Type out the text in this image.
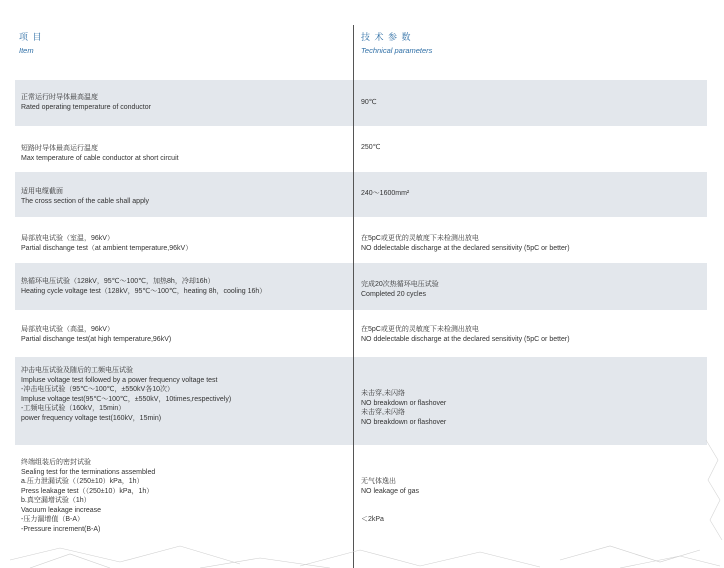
项 目
Item
技 术 参 数
Technical parameters
正常运行时导体最高温度
Rated operating temperature of conductor
90℃
短路时导体最高运行温度
Max temperature of cable conductor at short circuit
250℃
适用电缆截面
The cross section of the cable shall apply
240～1600mm²
局部放电试验（室温，96kV）
Partial dischange test（at ambient temperature,96kV）
在5pC或更优的灵敏度下未检测出放电
NO ddelectable discharge at the declared sensitivity (5pC or better)
热循环电压试验（128kV，95℃～100℃，加热8h，冷却16h）
Heating cycle voltage test（128kV，95℃～100℃，heating 8h，cooling 16h）
完成20次热循环电压试验
Completed 20 cycles
局部放电试验（高温，96kV）
Partial dischange test(at high temperature,96kV)
在5pC或更优的灵敏度下未检测出放电
NO ddelectable discharge at the declared sensitivity (5pC or better)
冲击电压试验及随后的工频电压试验
Impluse voltage test followed by a power frequency voltage test
-冲击电压试验（95℃～100℃，±550kV各10次）
Impluse voltage test(95℃～100℃，±550kV，10times,respectively)
-工频电压试验（160kV，15min）
power frequency voltage test(160kV，15min)
未击穿,未闪络
NO breakdown or flashover
未击穿,未闪络
NO breakdown or flashover
终端组装后的密封试验
Sealing test for the terminations assembled
a.压力泄漏试验（（250±10）kPa，1h）
Press leakage test（（250±10）kPa，1h）
b.真空漏增试验（1h）
Vacuum leakage increase
-压力漏增值（B-A）
-Pressure increment(B-A)
无气体逸出
NO leakage of gas
＜2kPa
